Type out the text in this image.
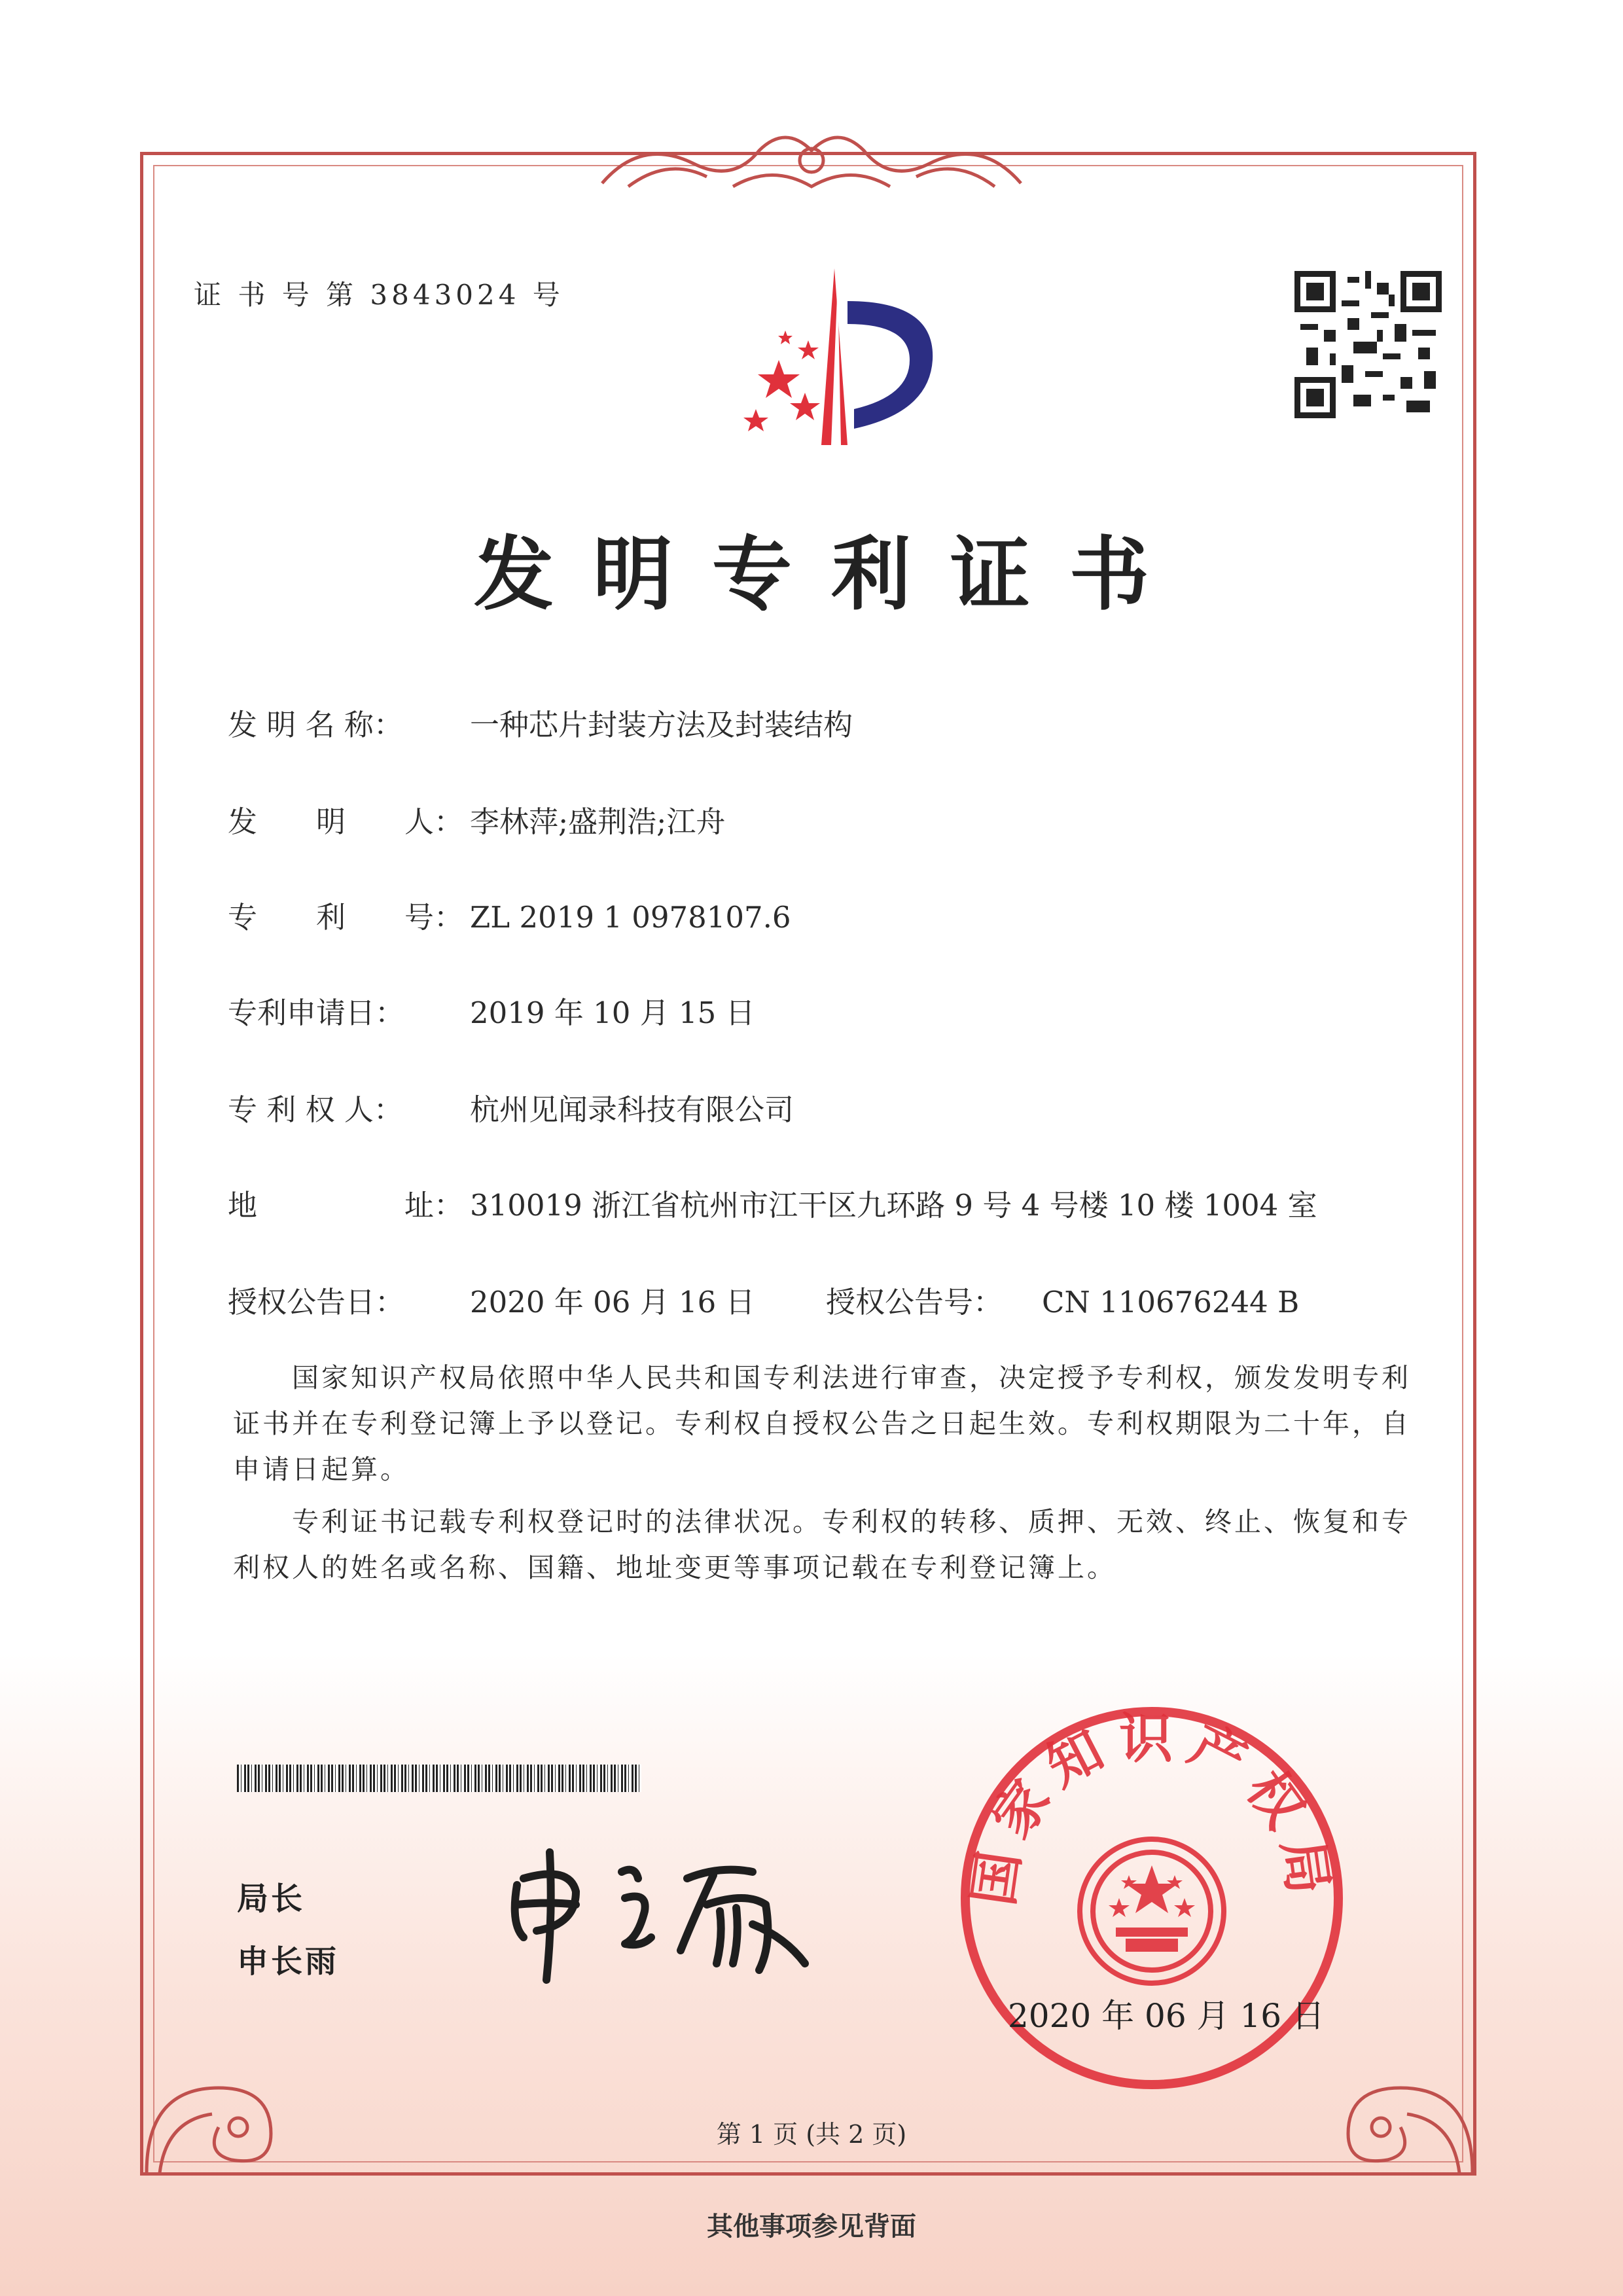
证 书 号 第 3843024 号
发明专利证书
发 明 名 称： 一种芯片封装方法及封装结构
发　　明　　人： 李林萍;盛荆浩;江舟
专　　利　　号： ZL 2019 1 0978107.6
专利申请日： 2019 年 10 月 15 日
专 利 权 人： 杭州见闻录科技有限公司
地　　　　　址： 310019 浙江省杭州市江干区九环路 9 号 4 号楼 10 楼 1004 室
授权公告日： 2020 年 06 月 16 日 授权公告号： CN 110676244 B
国家知识产权局依照中华人民共和国专利法进行审查，决定授予专利权，颁发发明专利证书并在专利登记簿上予以登记。专利权自授权公告之日起生效。专利权期限为二十年，自申请日起算。
专利证书记载专利权登记时的法律状况。专利权的转移、质押、无效、终止、恢复和专利权人的姓名或名称、国籍、地址变更等事项记载在专利登记簿上。
局长
申长雨
国家知识产权局
2020 年 06 月 16 日
第 1 页 (共 2 页)
其他事项参见背面
